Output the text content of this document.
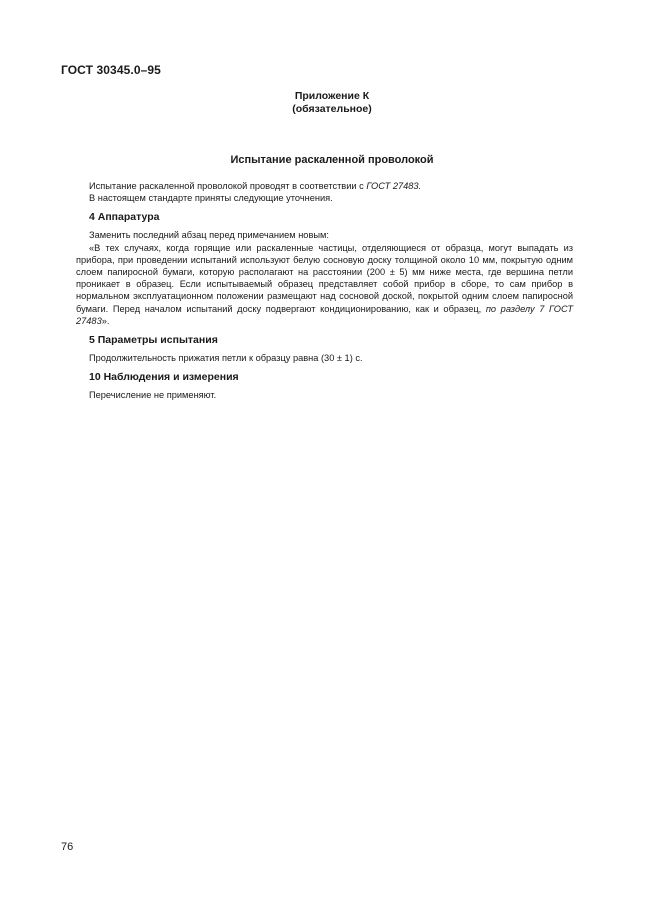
ГОСТ 30345.0–95
Приложение К
(обязательное)
Испытание раскаленной проволокой

Испытание раскаленной проволокой проводят в соответствии с ГОСТ 27483.

В настоящем стандарте приняты следующие уточнения.

4 Аппаратура

Заменить последний абзац перед примечанием новым:

«В тех случаях, когда горящие или раскаленные частицы, отделяющиеся от образца, могут выпадать из прибора, при проведении испытаний используют белую сосновую доску толщиной около 10 мм, покрытую одним слоем папиросной бумаги, которую располагают на расстоянии (200 ± 5) мм ниже места, где вершина петли проникает в образец. Если испытываемый образец представляет собой прибор в сборе, то сам прибор в нормальном эксплуатационном положении размещают над сосновой доской, покрытой одним слоем папиросной бумаги. Перед началом испытаний доску подвергают кондиционированию, как и образец, по разделу 7 ГОСТ 27483».

5 Параметры испытания

Продолжительность прижатия петли к образцу равна (30 ± 1) с.

10 Наблюдения и измерения

Перечисление не применяют.

76
